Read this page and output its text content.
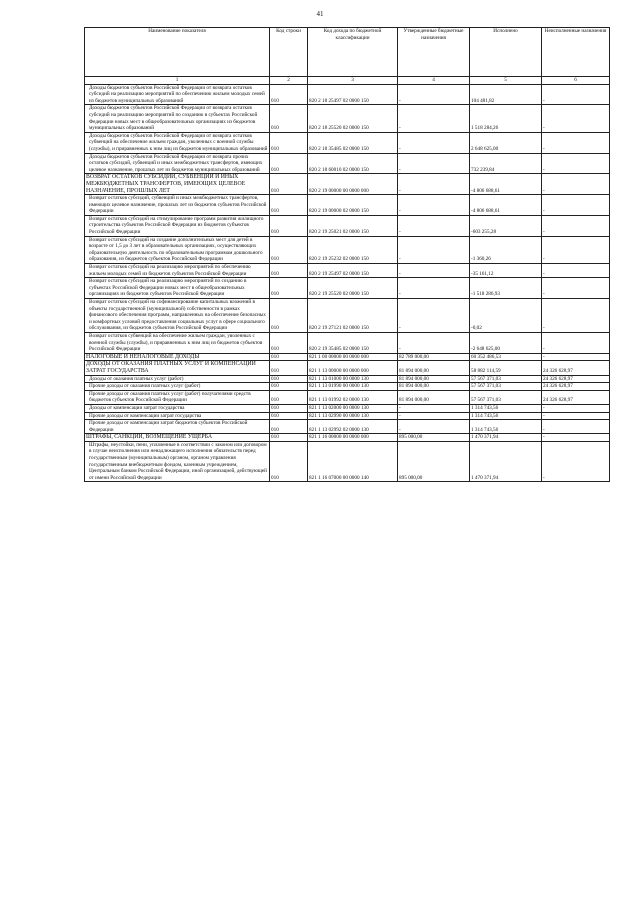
41
Наименование показателя	Код строки	Код дохода по бюджетной классификации	Утвержденные бюджетные назначения	Исполнено	Неисполненные назначения
1	2	3	4	5	6

Доходы бюджетов субъектов Российской Федерации от возврата остатков субсидий на реализацию мероприятий по обеспечению жильем молодых семей из бюджетов муниципальных образований	010	820 2 18 25497 02 0000 150	-	104 481,82	-

Доходы бюджетов субъектов Российской Федерации от возврата остатков субсидий на реализацию мероприятий по созданию в субъектах Российской Федерации новых мест в общеобразовательных организациях из бюджетов муниципальных образований	010	820 2 18 25520 02 0000 150	-	1 518 284,26	-

Доходы бюджетов субъектов Российской Федерации от возврата остатков субвенций на обеспечение жильем граждан, уволенных с военной службы (службы), и приравненных к ним лиц из бюджетов муниципальных образований	010	820 2 18 35485 02 0000 150	-	2 648 625,00	-

Доходы бюджетов субъектов Российской Федерации от возврата прочих остатков субсидий, субвенций и иных межбюджетных трансфертов, имеющих целевое назначение, прошлых лет из бюджетов муниципальных образований	010	820 2 18 60010 02 0000 150	-	732 239,84	-

ВОЗВРАТ ОСТАТКОВ СУБСИДИЙ, СУБВЕНЦИЙ И ИНЫХ МЕЖБЮДЖЕТНЫХ ТРАНСФЕРТОВ, ИМЕЮЩИХ ЦЕЛЕВОЕ НАЗНАЧЕНИЕ, ПРОШЛЫХ ЛЕТ	010	820 2 19 00000 00 0000 000	-	-4 806 688,61	-

Возврат остатков субсидий, субвенций и иных межбюджетных трансфертов, имеющих целевое назначение, прошлых лет из бюджетов субъектов Российской Федерации	010	820 2 19 00000 02 0000 150	-	-4 806 688,61	-

Возврат остатков субсидий на стимулирование программ развития жилищного строительства субъектов Российской Федерации из бюджетов субъектов Российской Федерации	010	820 2 19 25021 02 0000 150	-	-603 255,28	-

Возврат остатков субсидий на создание дополнительных мест для детей в возрасте от 1,5 до 3 лет в образовательных организациях, осуществляющих образовательную деятельность по образовательным программам дошкольного образования, из бюджетов субъектов Российской Федерации	010	820 2 19 25232 02 0000 150	-	-1 360,26	-

Возврат остатков субсидий на реализацию мероприятий по обеспечению жильем молодых семей из бюджетов субъектов Российской Федерации	010	820 2 19 25497 02 0000 150	-	-35 161,12	-

Возврат остатков субсидий на реализацию мероприятий по созданию в субъектах Российской Федерации новых мест в общеобразовательных организациях из бюджетов субъектов Российской Федерации	010	820 2 19 25520 02 0000 150	-	-1 518 286,93	-

Возврат остатков субсидий на софинансирование капитальных вложений в объекты государственной (муниципальной) собственности в рамках финансового обеспечения программ, направленных на обеспечение безопасных и комфортных условий предоставления социальных услуг в сфере социального обслуживания, из бюджетов субъектов Российской Федерации	010	820 2 19 27121 02 0000 150	-	-0,02	-

Возврат остатков субвенций на обеспечение жильем граждан, уволенных с военной службы (службы), и приравненных к ним лиц из бюджетов субъектов Российской Федерации	010	820 2 19 35485 02 0000 150	-	-2 648 625,00	-

НАЛОГОВЫЕ И НЕНАЛОГОВЫЕ ДОХОДЫ	010	821 1 00 00000 00 0000 000	82 789 000,00	60 352 486,53	-

ДОХОДЫ ОТ ОКАЗАНИЯ ПЛАТНЫХ УСЛУГ И КОМПЕНСАЦИИ ЗАТРАТ ГОСУДАРСТВА	010	821 1 13 00000 00 0000 000	81 894 000,00	58 882 114,59	24 326 628,97

Доходы от оказания платных услуг (работ)	010	821 1 13 01000 00 0000 130	81 894 000,00	57 567 371,03	24 326 628,97

Прочие доходы от оказания платных услуг (работ)	010	821 1 13 01990 00 0000 130	81 894 000,00	57 567 371,03	24 326 628,97

Прочие доходы от оказания платных услуг (работ) получателями средств бюджетов субъектов Российской Федерации	010	821 1 13 01992 02 0000 130	81 894 000,00	57 567 371,03	24 326 628,97

Доходы от компенсации затрат государства	010	821 1 13 02000 00 0000 130	-	1 314 743,56	-

Прочие доходы от компенсации затрат государства	010	821 1 13 02990 00 0000 130	-	1 314 743,56	-

Прочие доходы от компенсации затрат бюджетов субъектов Российской Федерации	010	821 1 13 02992 02 0000 130	-	1 314 743,56	-

ШТРАФЫ, САНКЦИИ, ВОЗМЕЩЕНИЕ УЩЕРБА	010	821 1 16 00000 00 0000 000	895 000,00	1 470 371,94	-

Штрафы, неустойки, пени, уплаченные в соответствии с законом или договором в случае неисполнения или ненадлежащего исполнения обязательств перед государственным (муниципальным) органом, органом управления государственным внебюджетным фондом, казенным учреждением, Центральным банком Российской Федерации, иной организацией, действующей от имени Российской Федерации	010	821 1 16 07000 00 0000 140	895 000,00	1 470 371,94	-
